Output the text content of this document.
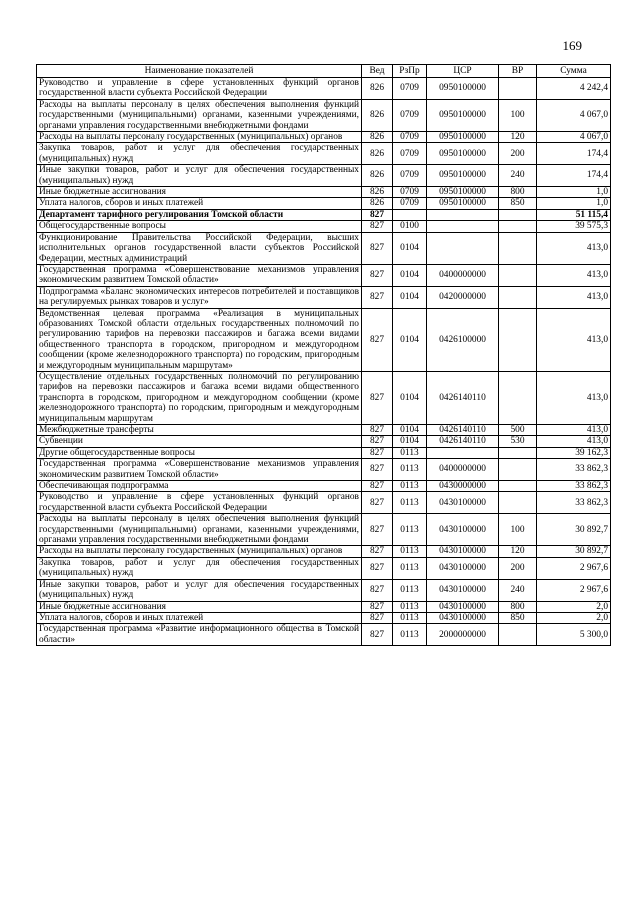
169
Наименование показателей	Вед	РзПр	ЦСР	ВР	Сумма
Руководство и управление в сфере установленных функций органов государственной власти субъекта Российской Федерации	826	0709	0950100000		4 242,4
Расходы на выплаты персоналу в целях обеспечения выполнения функций государственными (муниципальными) органами, казенными учреждениями, органами управления государственными внебюджетными фондами	826	0709	0950100000	100	4 067,0
Расходы на выплаты персоналу государственных (муниципальных) органов	826	0709	0950100000	120	4 067,0
Закупка товаров, работ и услуг для обеспечения государственных (муниципальных) нужд	826	0709	0950100000	200	174,4
Иные закупки товаров, работ и услуг для обеспечения государственных (муниципальных) нужд	826	0709	0950100000	240	174,4
Иные бюджетные ассигнования	826	0709	0950100000	800	1,0
Уплата налогов, сборов и иных платежей	826	0709	0950100000	850	1,0
Департамент тарифного регулирования Томской области	827				51 115,4
Общегосударственные вопросы	827	0100			39 575,3
Функционирование Правительства Российской Федерации, высших исполнительных органов государственной власти субъектов Российской Федерации, местных администраций	827	0104			413,0
Государственная программа «Совершенствование механизмов управления экономическим развитием Томской области»	827	0104	0400000000		413,0
Подпрограмма «Баланс экономических интересов потребителей и поставщиков на регулируемых рынках товаров и услуг»	827	0104	0420000000		413,0
Ведомственная целевая программа «Реализация в муниципальных образованиях Томской области отдельных государственных полномочий по регулированию тарифов на перевозки пассажиров и багажа всеми видами общественного транспорта в городском, пригородном и междугородном сообщении (кроме железнодорожного транспорта) по городским, пригородным и междугородным муниципальным маршрутам»	827	0104	0426100000		413,0
Осуществление отдельных государственных полномочий по регулированию тарифов на перевозки пассажиров и багажа всеми видами общественного транспорта в городском, пригородном и междугородном сообщении (кроме железнодорожного транспорта) по городским, пригородным и междугородным муниципальным маршрутам	827	0104	0426140110		413,0
Межбюджетные трансферты	827	0104	0426140110	500	413,0
Субвенции	827	0104	0426140110	530	413,0
Другие общегосударственные вопросы	827	0113			39 162,3
Государственная программа «Совершенствование механизмов управления экономическим развитием Томской области»	827	0113	0400000000		33 862,3
Обеспечивающая подпрограмма	827	0113	0430000000		33 862,3
Руководство и управление в сфере установленных функций органов государственной власти субъекта Российской Федерации	827	0113	0430100000		33 862,3
Расходы на выплаты персоналу в целях обеспечения выполнения функций государственными (муниципальными) органами, казенными учреждениями, органами управления государственными внебюджетными фондами	827	0113	0430100000	100	30 892,7
Расходы на выплаты персоналу государственных (муниципальных) органов	827	0113	0430100000	120	30 892,7
Закупка товаров, работ и услуг для обеспечения государственных (муниципальных) нужд	827	0113	0430100000	200	2 967,6
Иные закупки товаров, работ и услуг для обеспечения государственных (муниципальных) нужд	827	0113	0430100000	240	2 967,6
Иные бюджетные ассигнования	827	0113	0430100000	800	2,0
Уплата налогов, сборов и иных платежей	827	0113	0430100000	850	2,0
Государственная программа «Развитие информационного общества в Томской области»	827	0113	2000000000		5 300,0
